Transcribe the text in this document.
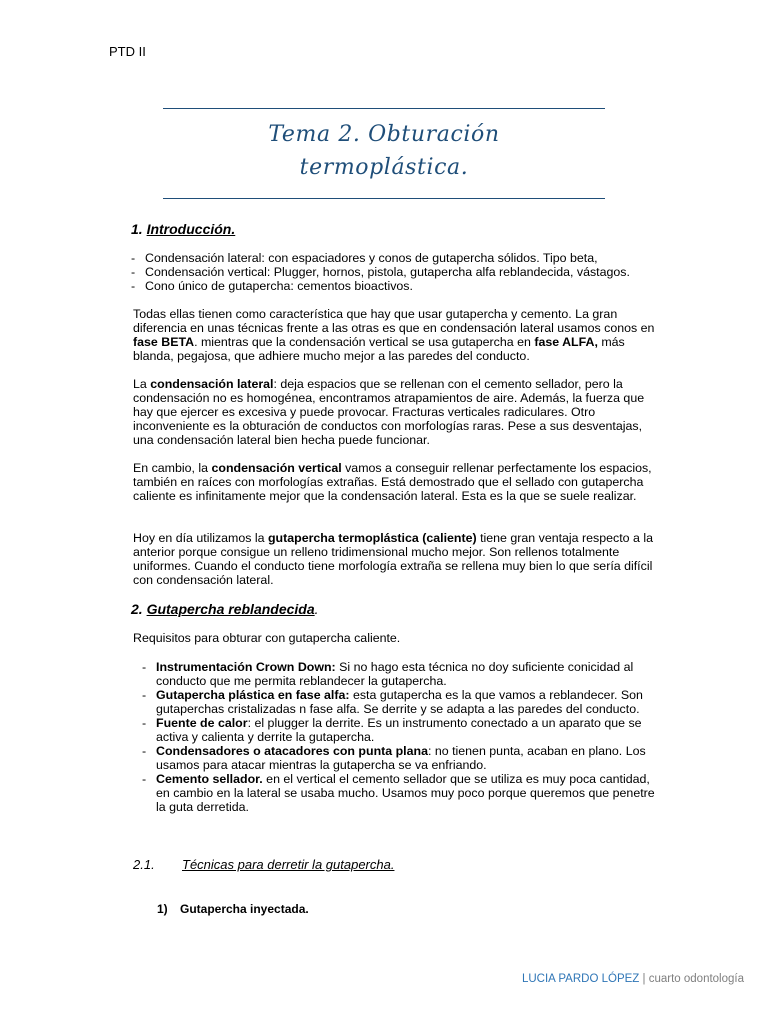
PTD II
Tema 2. Obturación
termoplástica.
1. Introducción.
- Condensación lateral: con espaciadores y conos de gutapercha sólidos. Tipo beta,
- Condensación vertical: Plugger, hornos, pistola, gutapercha alfa reblandecida, vástagos.
- Cono único de gutapercha: cementos bioactivos.
Todas ellas tienen como característica que hay que usar gutapercha y cemento. La gran diferencia en unas técnicas frente a las otras es que en condensación lateral usamos conos en fase BETA. mientras que la condensación vertical se usa gutapercha en fase ALFA, más blanda, pegajosa, que adhiere mucho mejor a las paredes del conducto.
La condensación lateral: deja espacios que se rellenan con el cemento sellador, pero la condensación no es homogénea, encontramos atrapamientos de aire. Además, la fuerza que hay que ejercer es excesiva y puede provocar. Fracturas verticales radiculares. Otro inconveniente es la obturación de conductos con morfologías raras. Pese a sus desventajas, una condensación lateral bien hecha puede funcionar.
En cambio, la condensación vertical vamos a conseguir rellenar perfectamente los espacios, también en raíces con morfologías extrañas. Está demostrado que el sellado con gutapercha caliente es infinitamente mejor que la condensación lateral. Esta es la que se suele realizar.
Hoy en día utilizamos la gutapercha termoplástica (caliente) tiene gran ventaja respecto a la anterior porque consigue un relleno tridimensional mucho mejor. Son rellenos totalmente uniformes. Cuando el conducto tiene morfología extraña se rellena muy bien lo que sería difícil con condensación lateral.
2. Gutapercha reblandecida.
Requisitos para obturar con gutapercha caliente.
- Instrumentación Crown Down: Si no hago esta técnica no doy suficiente conicidad al conducto que me permita reblandecer la gutapercha.
- Gutapercha plástica en fase alfa: esta gutapercha es la que vamos a reblandecer. Son gutaperchas cristalizadas n fase alfa. Se derrite y se adapta a las paredes del conducto.
- Fuente de calor: el plugger la derrite. Es un instrumento conectado a un aparato que se activa y calienta y derrite la gutapercha.
- Condensadores o atacadores con punta plana: no tienen punta, acaban en plano. Los usamos para atacar mientras la gutapercha se va enfriando.
- Cemento sellador. en el vertical el cemento sellador que se utiliza es muy poca cantidad, en cambio en la lateral se usaba mucho. Usamos muy poco porque queremos que penetre la guta derretida.
2.1. Técnicas para derretir la gutapercha.
1) Gutapercha inyectada.
LUCIA PARDO LÓPEZ | cuarto odontología
